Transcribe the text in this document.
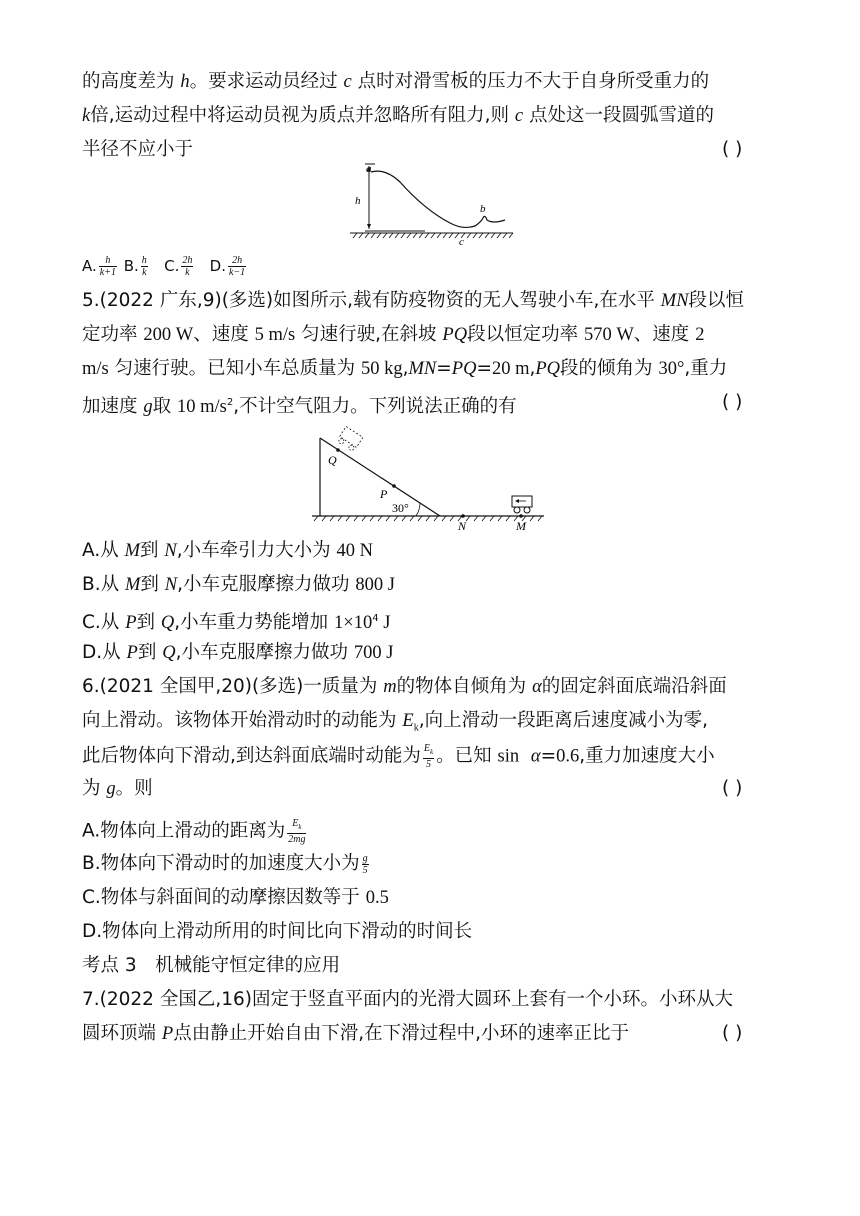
的高度差为 h。要求运动员经过 c 点时对滑雪板的压力不大于自身所受重力的
k倍,运动过程中将运动员视为质点并忽略所有阻力,则 c 点处这一段圆弧雪道的
半径不应小于	( )
a
h
b
c
A. $\frac{h}{k+1} B$. $\frac{h}{k} C$. $\frac{2h}{k} D$. $\frac{2h}{k-1}$
5.(2022 广东,9)(多选)如图所示,载有防疫物资的无人驾驶小车,在水平 MN段以恒
定功率 200 W、速度 5 m/s 匀速行驶,在斜坡 PQ段以恒定功率 570 W、速度 2
m/s 匀速行驶。已知小车总质量为 50 kg,MN=PQ=20 m,PQ段的倾角为 30°,重力
加速度 g取 10 $m/s^2$,不计空气阻力。下列说法正确的有	( )
Q
P
30°
N	M
A.从 M到 N,小车牵引力大小为 40 N
B.从 M到 N,小车克服摩擦力做功 800 J
C.从 P到 Q,小车重力势能增加 $1\times 10^4$ J
D.从 P到 Q,小车克服摩擦力做功 700 J
6.(2021 全国甲,20)(多选)一质量为 m的物体自倾角为 α的固定斜面底端沿斜面
向上滑动。该物体开始滑动时的动能为 $E_k$,向上滑动一段距离后速度减小为零,
此后物体向下滑动,到达斜面底端时动能为 $\frac{E_k}{5}$ 。已知 sin α=0.6,重力加速度大小
为 g。则	( )
A.物体向上滑动的距离为 $\frac{E_k}{2mg}$
B.物体向下滑动时的加速度大小为 $\frac{g}{5}$
C.物体与斜面间的动摩擦因数等于 0.5
D.物体向上滑动所用的时间比向下滑动的时间长
考点 3　机械能守恒定律的应用
7.(2022 全国乙,16)固定于竖直平面内的光滑大圆环上套有一个小环。小环从大
圆环顶端 P点由静止开始自由下滑,在下滑过程中,小环的速率正比于	( )
